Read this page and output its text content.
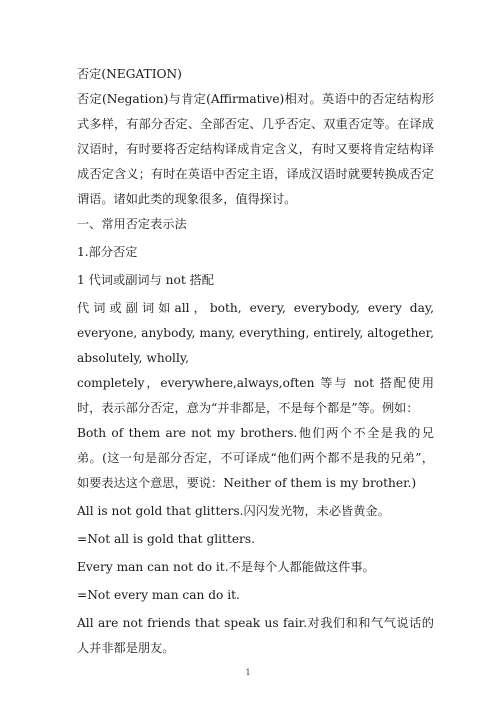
否定(NEGATION)

否定(Negation)与肯定(Affirmative)相对。英语中的否定结构形式多样，有部分否定、全部否定、几乎否定、双重否定等。在译成汉语时，有时要将否定结构译成肯定含义，有时又要将肯定结构译成否定含义；有时在英语中否定主语，译成汉语时就要转换成否定谓语。诸如此类的现象很多，值得探讨。

一、常用否定表示法

1.部分否定

1 代词或副词与 not 搭配

代词或副词如all，both, every, everybody, every day, everyone, anybody, many, everything, entirely, altogether, absolutely, wholly,

completely，everywhere,always,often 等与 not 搭配使用时，表示部分否定，意为“并非都是，不是每个都是”等。例如：

Both of them are not my brothers.他们两个不全是我的兄弟。(这一句是部分否定，不可译成“他们两个都不是我的兄弟”，如要表达这个意思，要说：Neither of them is my brother.)

All is not gold that glitters.闪闪发光物，未必皆黄金。

=Not all is gold that glitters.

Every man can not do it.不是每个人都能做这件事。

=Not every man can do it.

All are not friends that speak us fair.对我们和和气气说话的人并非都是朋友。

1
